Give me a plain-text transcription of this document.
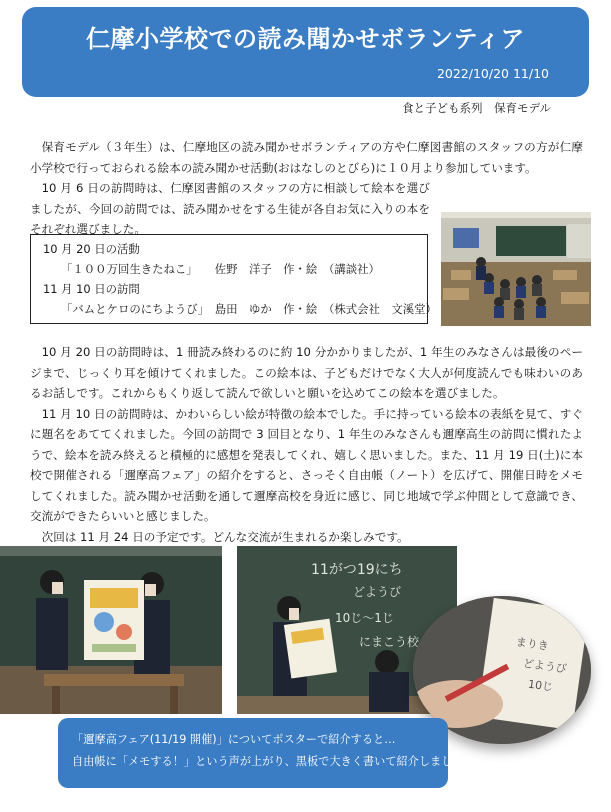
仁摩小学校での読み聞かせボランティア
2022/10/20 11/10
食と子ども系列　保育モデル
保育モデル（３年生）は、仁摩地区の読み聞かせボランティアの方や仁摩図書館のスタッフの方が仁摩小学校で行っておられる絵本の読み聞かせ活動(おはなしのとびら)に１０月より参加しています。
10 月 6 日の訪問時は、仁摩図書館のスタッフの方に相談して絵本を選びましたが、今回の訪問では、読み聞かせをする生徒が各自お気に入りの本をそれぞれ選びました。
10 月 20 日の活動
「１００万回生きたねこ」　　佐野　洋子　作・絵　（講談社）
11 月 10 日の訪問
「バムとケロのにちようび」　島田　ゆか　作・絵　（株式会社　文溪堂）
10 月 20 日の訪問時は、1 冊読み終わるのに約 10 分かかりましたが、1 年生のみなさんは最後のページまで、じっくり耳を傾けてくれました。この絵本は、子どもだけでなく大人が何度読んでも味わいのあるお話しです。これからもくり返して読んで欲しいと願いを込めてこの絵本を選びました。
11 月 10 日の訪問時は、かわいらしい絵が特徴の絵本でした。手に持っている絵本の表紙を見て、すぐに題名をあててくれました。今回の訪問で 3 回目となり、1 年生のみなさんも邇摩高生の訪問に慣れたようで、絵本を読み終えると積極的に感想を発表してくれ、嬉しく思いました。また、11 月 19 日(土)に本校で開催される「邇摩高フェア」の紹介をすると、さっそく自由帳（ノート）を広げて、開催日時をメモしてくれました。読み聞かせ活動を通して邇摩高校を身近に感じ、同じ地域で学ぶ仲間として意識でき、交流ができたらいいと感じました。
次回は 11 月 24 日の予定です。どんな交流が生まれるか楽しみです。
11がつ19にち
どようび
10じ〜1じ
にまこう校	まりき
どようび
10じ
「邇摩高フェア(11/19 開催)」についてポスターで紹介すると…
自由帳に「メモする！」という声が上がり、黒板で大きく書いて紹介しました。
